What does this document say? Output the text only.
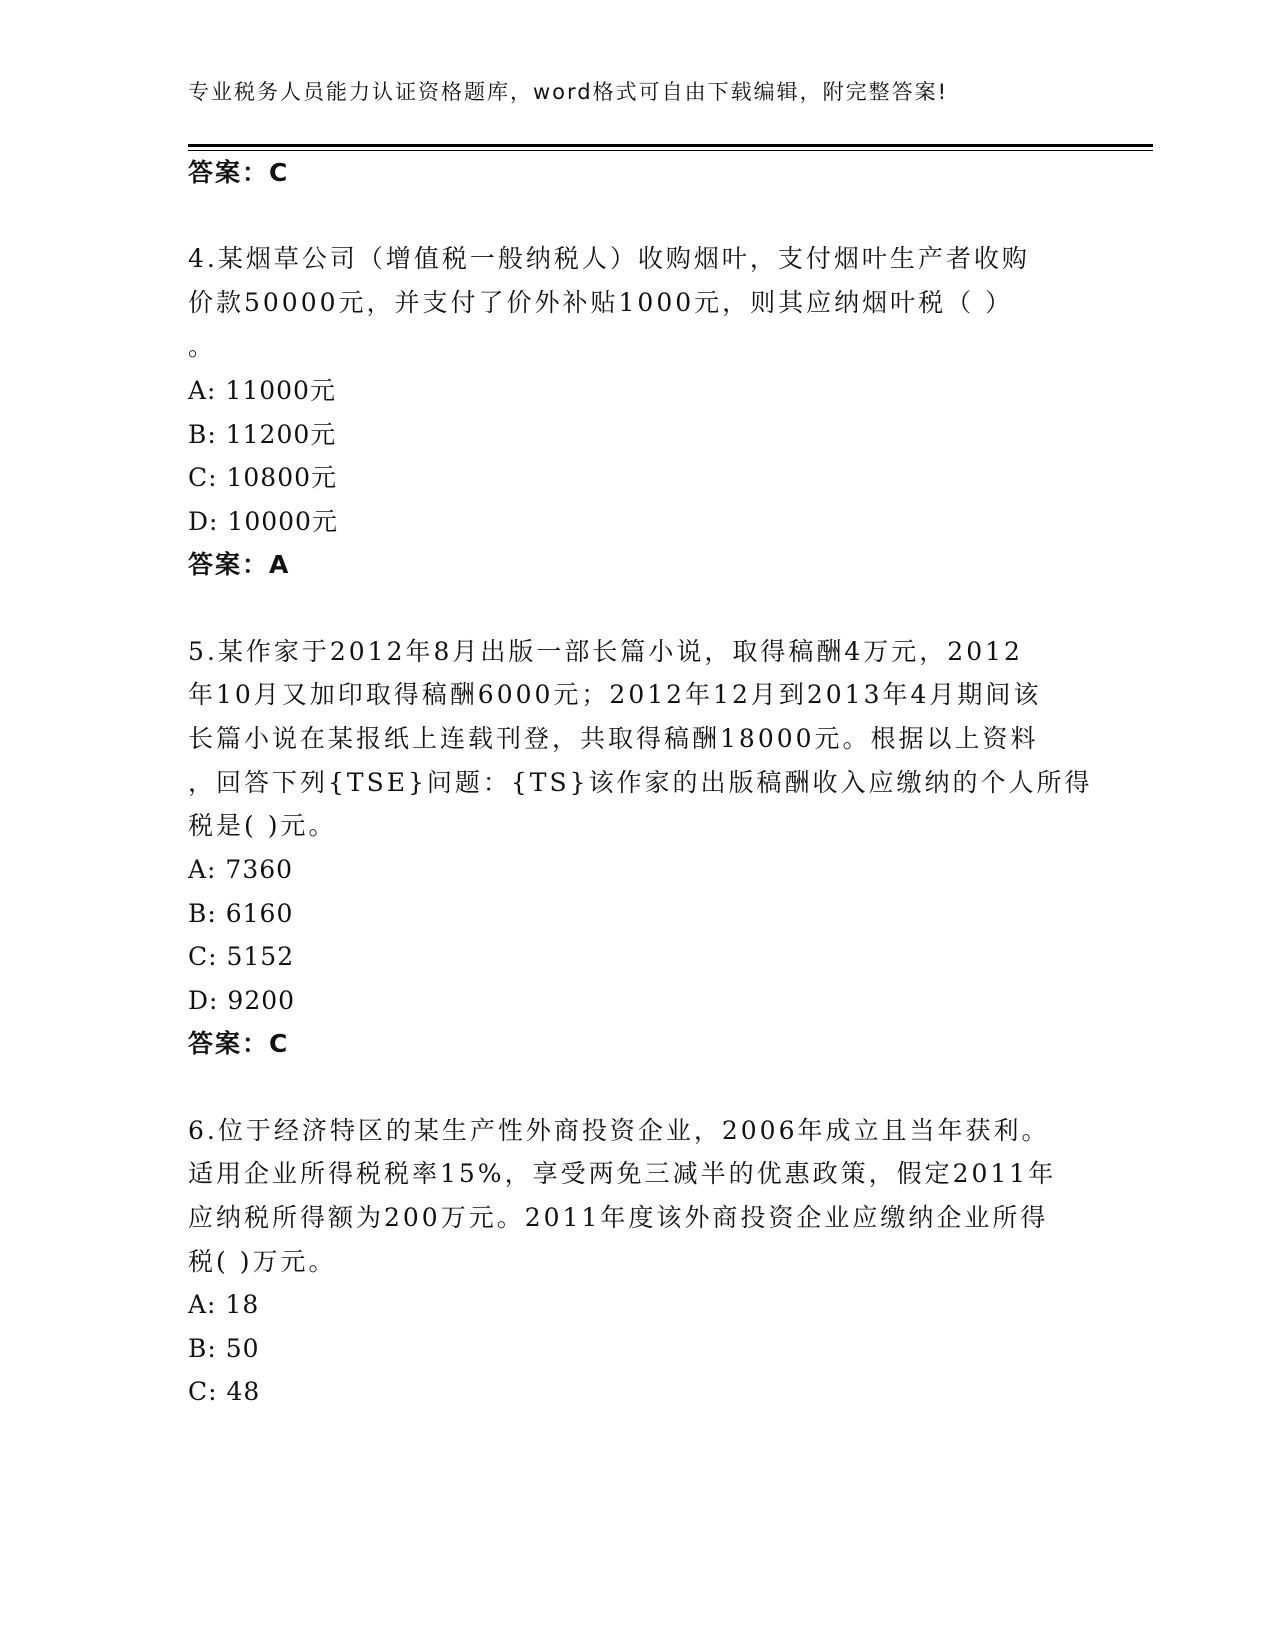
专业税务人员能力认证资格题库，word格式可自由下载编辑，附完整答案!
答案：C
4.某烟草公司（增值税一般纳税人）收购烟叶，支付烟叶生产者收购
价款50000元，并支付了价外补贴1000元，则其应纳烟叶税（ ）
。
A: 11000元
B: 11200元
C: 10800元
D: 10000元
答案：A
5.某作家于2012年8月出版一部长篇小说，取得稿酬4万元，2012
年10月又加印取得稿酬6000元；2012年12月到2013年4月期间该
长篇小说在某报纸上连载刊登，共取得稿酬18000元。根据以上资料
，回答下列{TSE}问题：{TS}该作家的出版稿酬收入应缴纳的个人所得
税是( )元。
A: 7360
B: 6160
C: 5152
D: 9200
答案：C
6.位于经济特区的某生产性外商投资企业，2006年成立且当年获利。
适用企业所得税税率15%，享受两免三减半的优惠政策，假定2011年
应纳税所得额为200万元。2011年度该外商投资企业应缴纳企业所得
税( )万元。
A: 18
B: 50
C: 48
